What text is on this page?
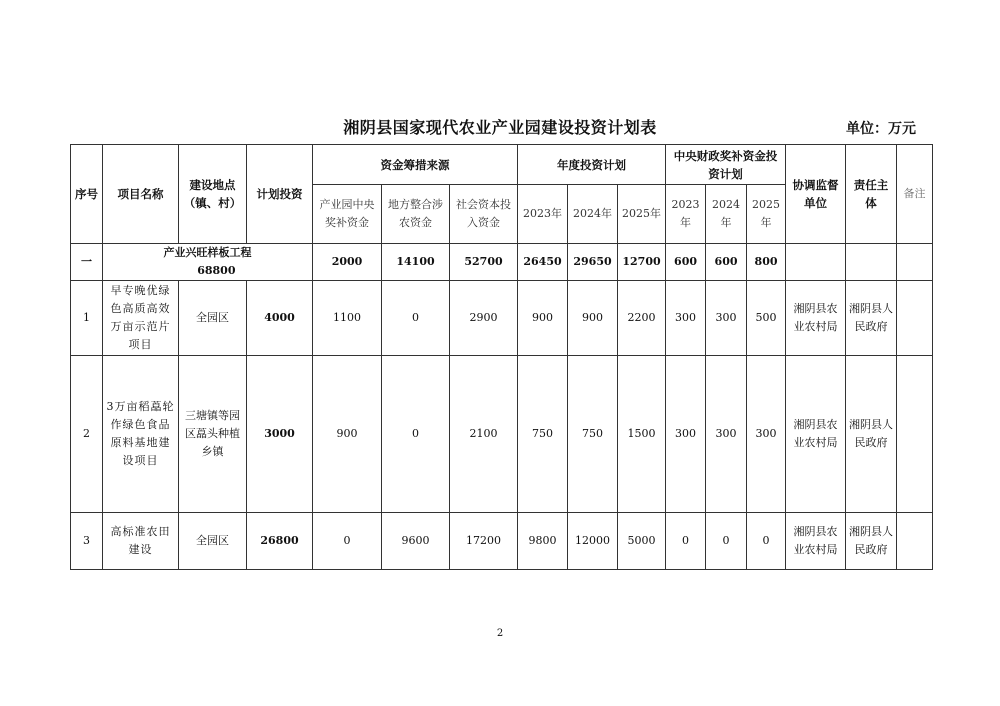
湘阴县国家现代农业产业园建设投资计划表	单位：万元
序号	项目名称	建设地点（镇、村）	计划投资	资金筹措来源			年度投资计划			中央财政奖补资金投资计划			协调监督单位	责任主体	备注
				产业园中央奖补资金	地方整合涉农资金	社会资本投入资金	2023年	2024年	2025年	2023年	2024年	2025年			
一	产业兴旺样板工程 68800			2000	14100	52700	26450	29650	12700	600	600	800			
1	早专晚优绿色高质高效万亩示范片项目	全园区	4000	1100	0	2900	900	900	2200	300	300	500	湘阴县农业农村局	湘阴县人民政府	
2	3万亩稻藠轮作绿色食品原料基地建设项目	三塘镇等园区藠头种植乡镇	3000	900	0	2100	750	750	1500	300	300	300	湘阴县农业农村局	湘阴县人民政府	
3	高标准农田建设	全园区	26800	0	9600	17200	9800	12000	5000	0	0	0	湘阴县农业农村局	湘阴县人民政府	
2
